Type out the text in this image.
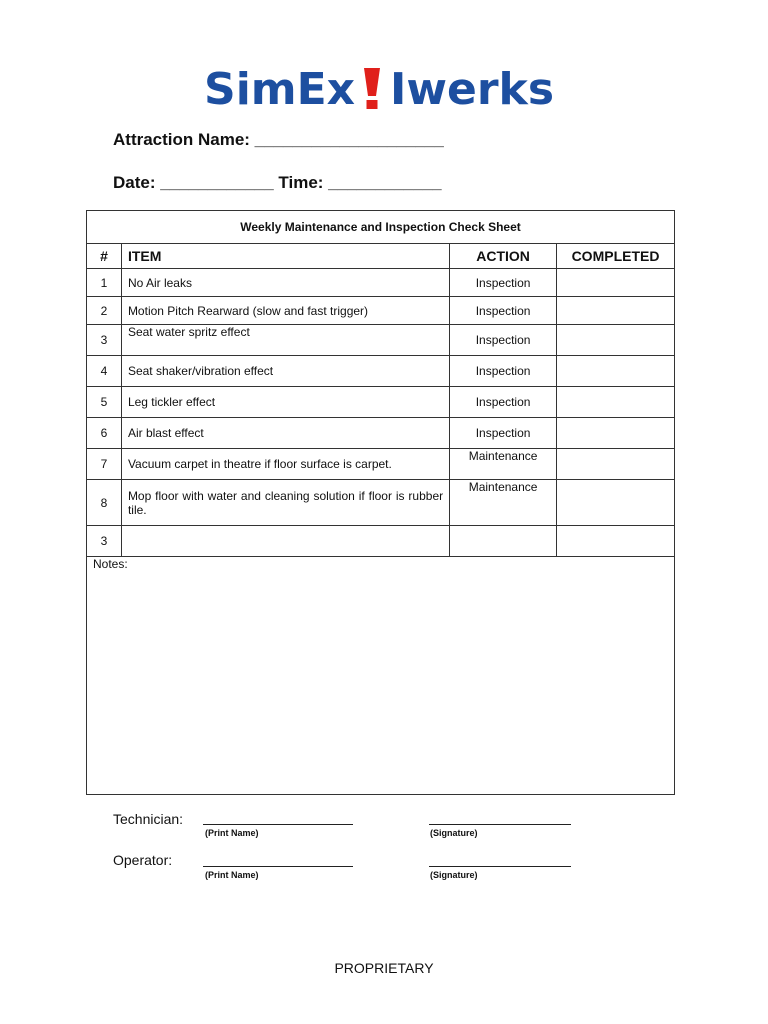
SimEx Iwerks
Attraction Name: ____________________
Date: ____________ Time: ____________
Weekly Maintenance and Inspection Check Sheet			
#	ITEM	ACTION	COMPLETED
1	No Air leaks	Inspection	
2	Motion Pitch Rearward (slow and fast trigger)	Inspection	
3	Seat water spritz effect	Inspection	
4	Seat shaker/vibration effect	Inspection	
5	Leg tickler effect	Inspection	
6	Air blast effect	Inspection	
7	Vacuum carpet in theatre if floor surface is carpet.	Maintenance	
8	Mop floor with water and cleaning solution if floor is rubber tile.	Maintenance	
3			
Notes:			
Technician:
(Print Name)	(Signature)
Operator:
(Print Name)	(Signature)
PROPRIETARY
